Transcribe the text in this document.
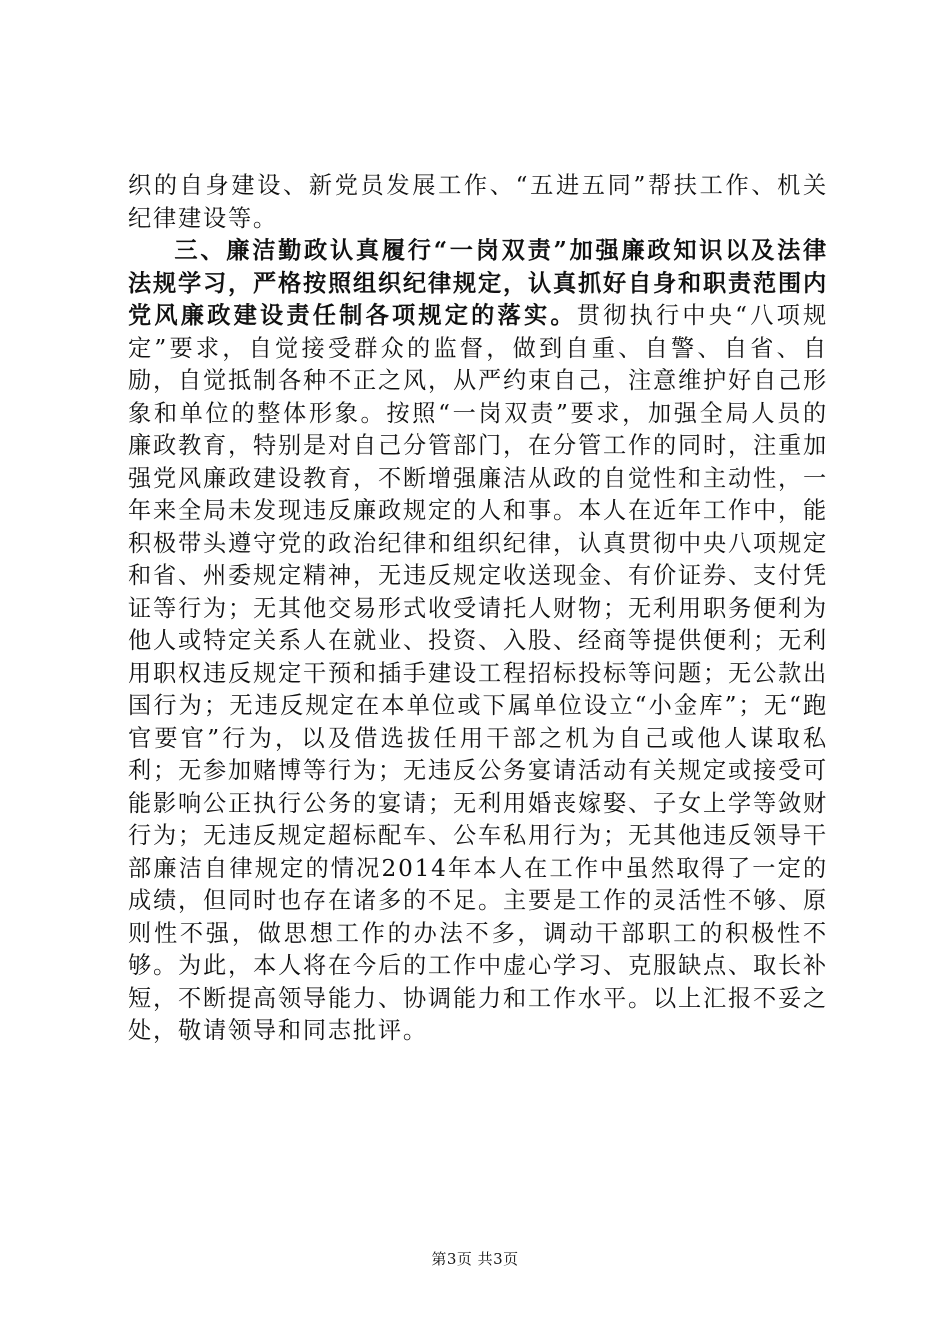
织的自身建设、新党员发展工作、“五进五同”帮扶工作、机关纪律建设等。

三、廉洁勤政认真履行“一岗双责”加强廉政知识以及法律法规学习，严格按照组织纪律规定，认真抓好自身和职责范围内党风廉政建设责任制各项规定的落实。贯彻执行中央“八项规定”要求，自觉接受群众的监督，做到自重、自警、自省、自励，自觉抵制各种不正之风，从严约束自己，注意维护好自己形象和单位的整体形象。按照“一岗双责”要求，加强全局人员的廉政教育，特别是对自己分管部门，在分管工作的同时，注重加强党风廉政建设教育，不断增强廉洁从政的自觉性和主动性，一年来全局未发现违反廉政规定的人和事。本人在近年工作中，能积极带头遵守党的政治纪律和组织纪律，认真贯彻中央八项规定和省、州委规定精神，无违反规定收送现金、有价证券、支付凭证等行为；无其他交易形式收受请托人财物；无利用职务便利为他人或特定关系人在就业、投资、入股、经商等提供便利；无利用职权违反规定干预和插手建设工程招标投标等问题；无公款出国行为；无违反规定在本单位或下属单位设立“小金库”；无“跑官要官”行为，以及借选拔任用干部之机为自己或他人谋取私利；无参加赌博等行为；无违反公务宴请活动有关规定或接受可能影响公正执行公务的宴请；无利用婚丧嫁娶、子女上学等敛财行为；无违反规定超标配车、公车私用行为；无其他违反领导干部廉洁自律规定的情况2014年本人在工作中虽然取得了一定的成绩，但同时也存在诸多的不足。主要是工作的灵活性不够、原则性不强，做思想工作的办法不多，调动干部职工的积极性不够。为此，本人将在今后的工作中虚心学习、克服缺点、取长补短，不断提高领导能力、协调能力和工作水平。以上汇报不妥之处，敬请领导和同志批评。

第3页 共3页
